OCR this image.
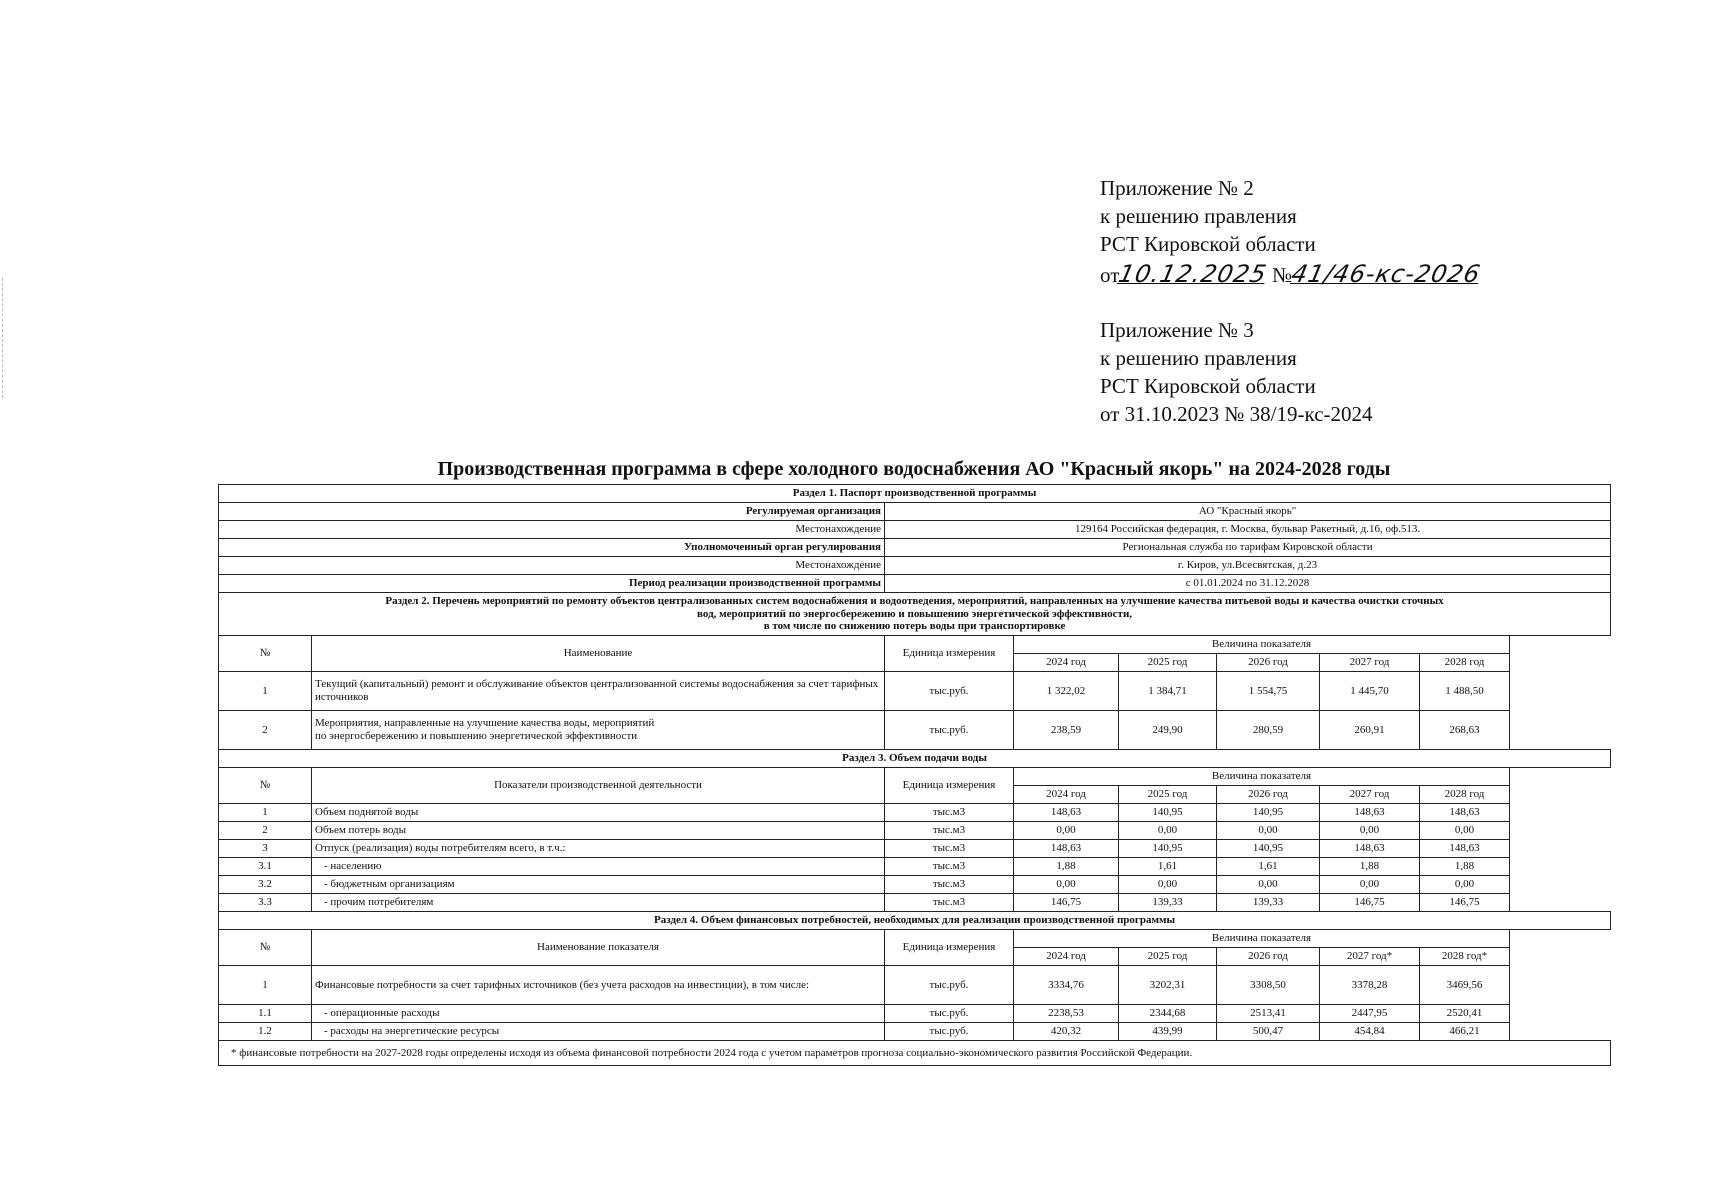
Приложение № 2
к решению правления
РСТ Кировской области
от10.12.2025 №41/46-кс-2026
Приложение № 3
к решению правления
РСТ Кировской области
от 31.10.2023 № 38/19-кс-2024
Производственная программа в сфере холодного водоснабжения АО "Красный якорь" на 2024-2028 годы
Раздел 1. Паспорт производственной программы							
Регулируемая организация		АО "Красный якорь"					
Местонахождение		129164 Российская федерация, г. Москва, бульвар Ракетный, д.16, оф.513.					
Уполномоченный орган регулирования		Региональная служба по тарифам Кировской области					
Местонахождение		г. Киров, ул.Всесвятская, д.23					
Период реализации производственной программы		с 01.01.2024 по 31.12.2028					

Раздел 2. Перечень мероприятий по ремонту объектов централизованных систем водоснабжения и водоотведения, мероприятий, направленных на улучшение качества питьевой воды и качества очистки сточных
вод, мероприятий по энергосбережению и повышению энергетической эффективности,
в том числе по снижению потерь воды при транспортировке							

№	Наименование	Единица измерения	Величина показателя				
			2024 год	2025 год	2026 год	2027 год	2028 год
1	Текущий (капитальный) ремонт и обслуживание объектов централизованной системы водоснабжения за счет тарифных источников	тыс.руб.	1 322,02	1 384,71	1 554,75	1 445,70	1 488,50
2	Мероприятия, направленные на улучшение качества воды, мероприятий
по энергосбережению и повышению энергетической эффективности	тыс.руб.	238,59	249,90	280,59	260,91	268,63
Раздел 3. Объем подачи воды							
№	Показатели производственной деятельности	Единица измерения	Величина показателя				
			2024 год	2025 год	2026 год	2027 год	2028 год
1	Объем поднятой воды	тыс.м3	148,63	140,95	140,95	148,63	148,63
2	Объем потерь воды	тыс.м3	0,00	0,00	0,00	0,00	0,00
3	Отпуск (реализация) воды потребителям всего, в т.ч.:	тыс.м3	148,63	140,95	140,95	148,63	148,63
3.1	- населению	тыс.м3	1,88	1,61	1,61	1,88	1,88
3.2	- бюджетным организациям	тыс.м3	0,00	0,00	0,00	0,00	0,00
3.3	- прочим потребителям	тыс.м3	146,75	139,33	139,33	146,75	146,75
Раздел 4. Объем финансовых потребностей, необходимых для реализации производственной программы							
№	Наименование показателя	Единица измерения	Величина показателя				
			2024 год	2025 год	2026 год	2027 год*	2028 год*
1	Финансовые потребности за счет тарифных источников (без учета расходов на инвестиции), в том числе:	тыс.руб.	3334,76	3202,31	3308,50	3378,28	3469,56
1.1	- операционные расходы	тыс.руб.	2238,53	2344,68	2513,41	2447,95	2520,41
1.2	- расходы на энергетические ресурсы	тыс.руб.	420,32	439,99	500,47	454,84	466,21
* финансовые потребности на 2027-2028 годы определены исходя из объема финансовой потребности 2024 года с учетом параметров прогноза социально-экономического развития Российской Федерации.							
